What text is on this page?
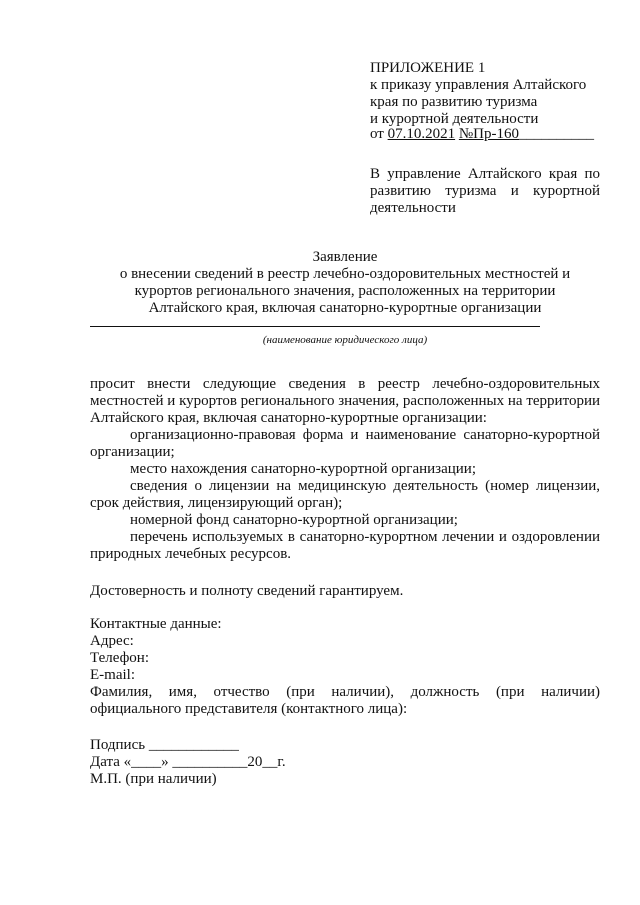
ПРИЛОЖЕНИЕ 1
к приказу управления Алтайского
края по развитию туризма
и курортной деятельности
от 07.10.2021 №Пр-160__________
В управление Алтайского края по развитию туризма и курортной деятельности
Заявление
о внесении сведений в реестр лечебно-оздоровительных местностей и
курортов регионального значения, расположенных на территории
Алтайского края, включая санаторно-курортные организации
(наименование юридического лица)

просит внести следующие сведения в реестр лечебно-оздоровительных местностей и курортов регионального значения, расположенных на территории Алтайского края, включая санаторно-курортные организации:

организационно-правовая форма и наименование санаторно-курортной организации;

место нахождения санаторно-курортной организации;

сведения о лицензии на медицинскую деятельность (номер лицензии, срок действия, лицензирующий орган);

номерной фонд санаторно-курортной организации;

перечень используемых в санаторно-курортном лечении и оздоровлении природных лечебных ресурсов.

Достоверность и полноту сведений гарантируем.

Контактные данные:

Адрес:

Телефон:

E-mail:

Фамилия, имя, отчество (при наличии), должность (при наличии) официального представителя (контактного лица):

Подпись ____________
Дата «____» __________20__г.
М.П. (при наличии)
